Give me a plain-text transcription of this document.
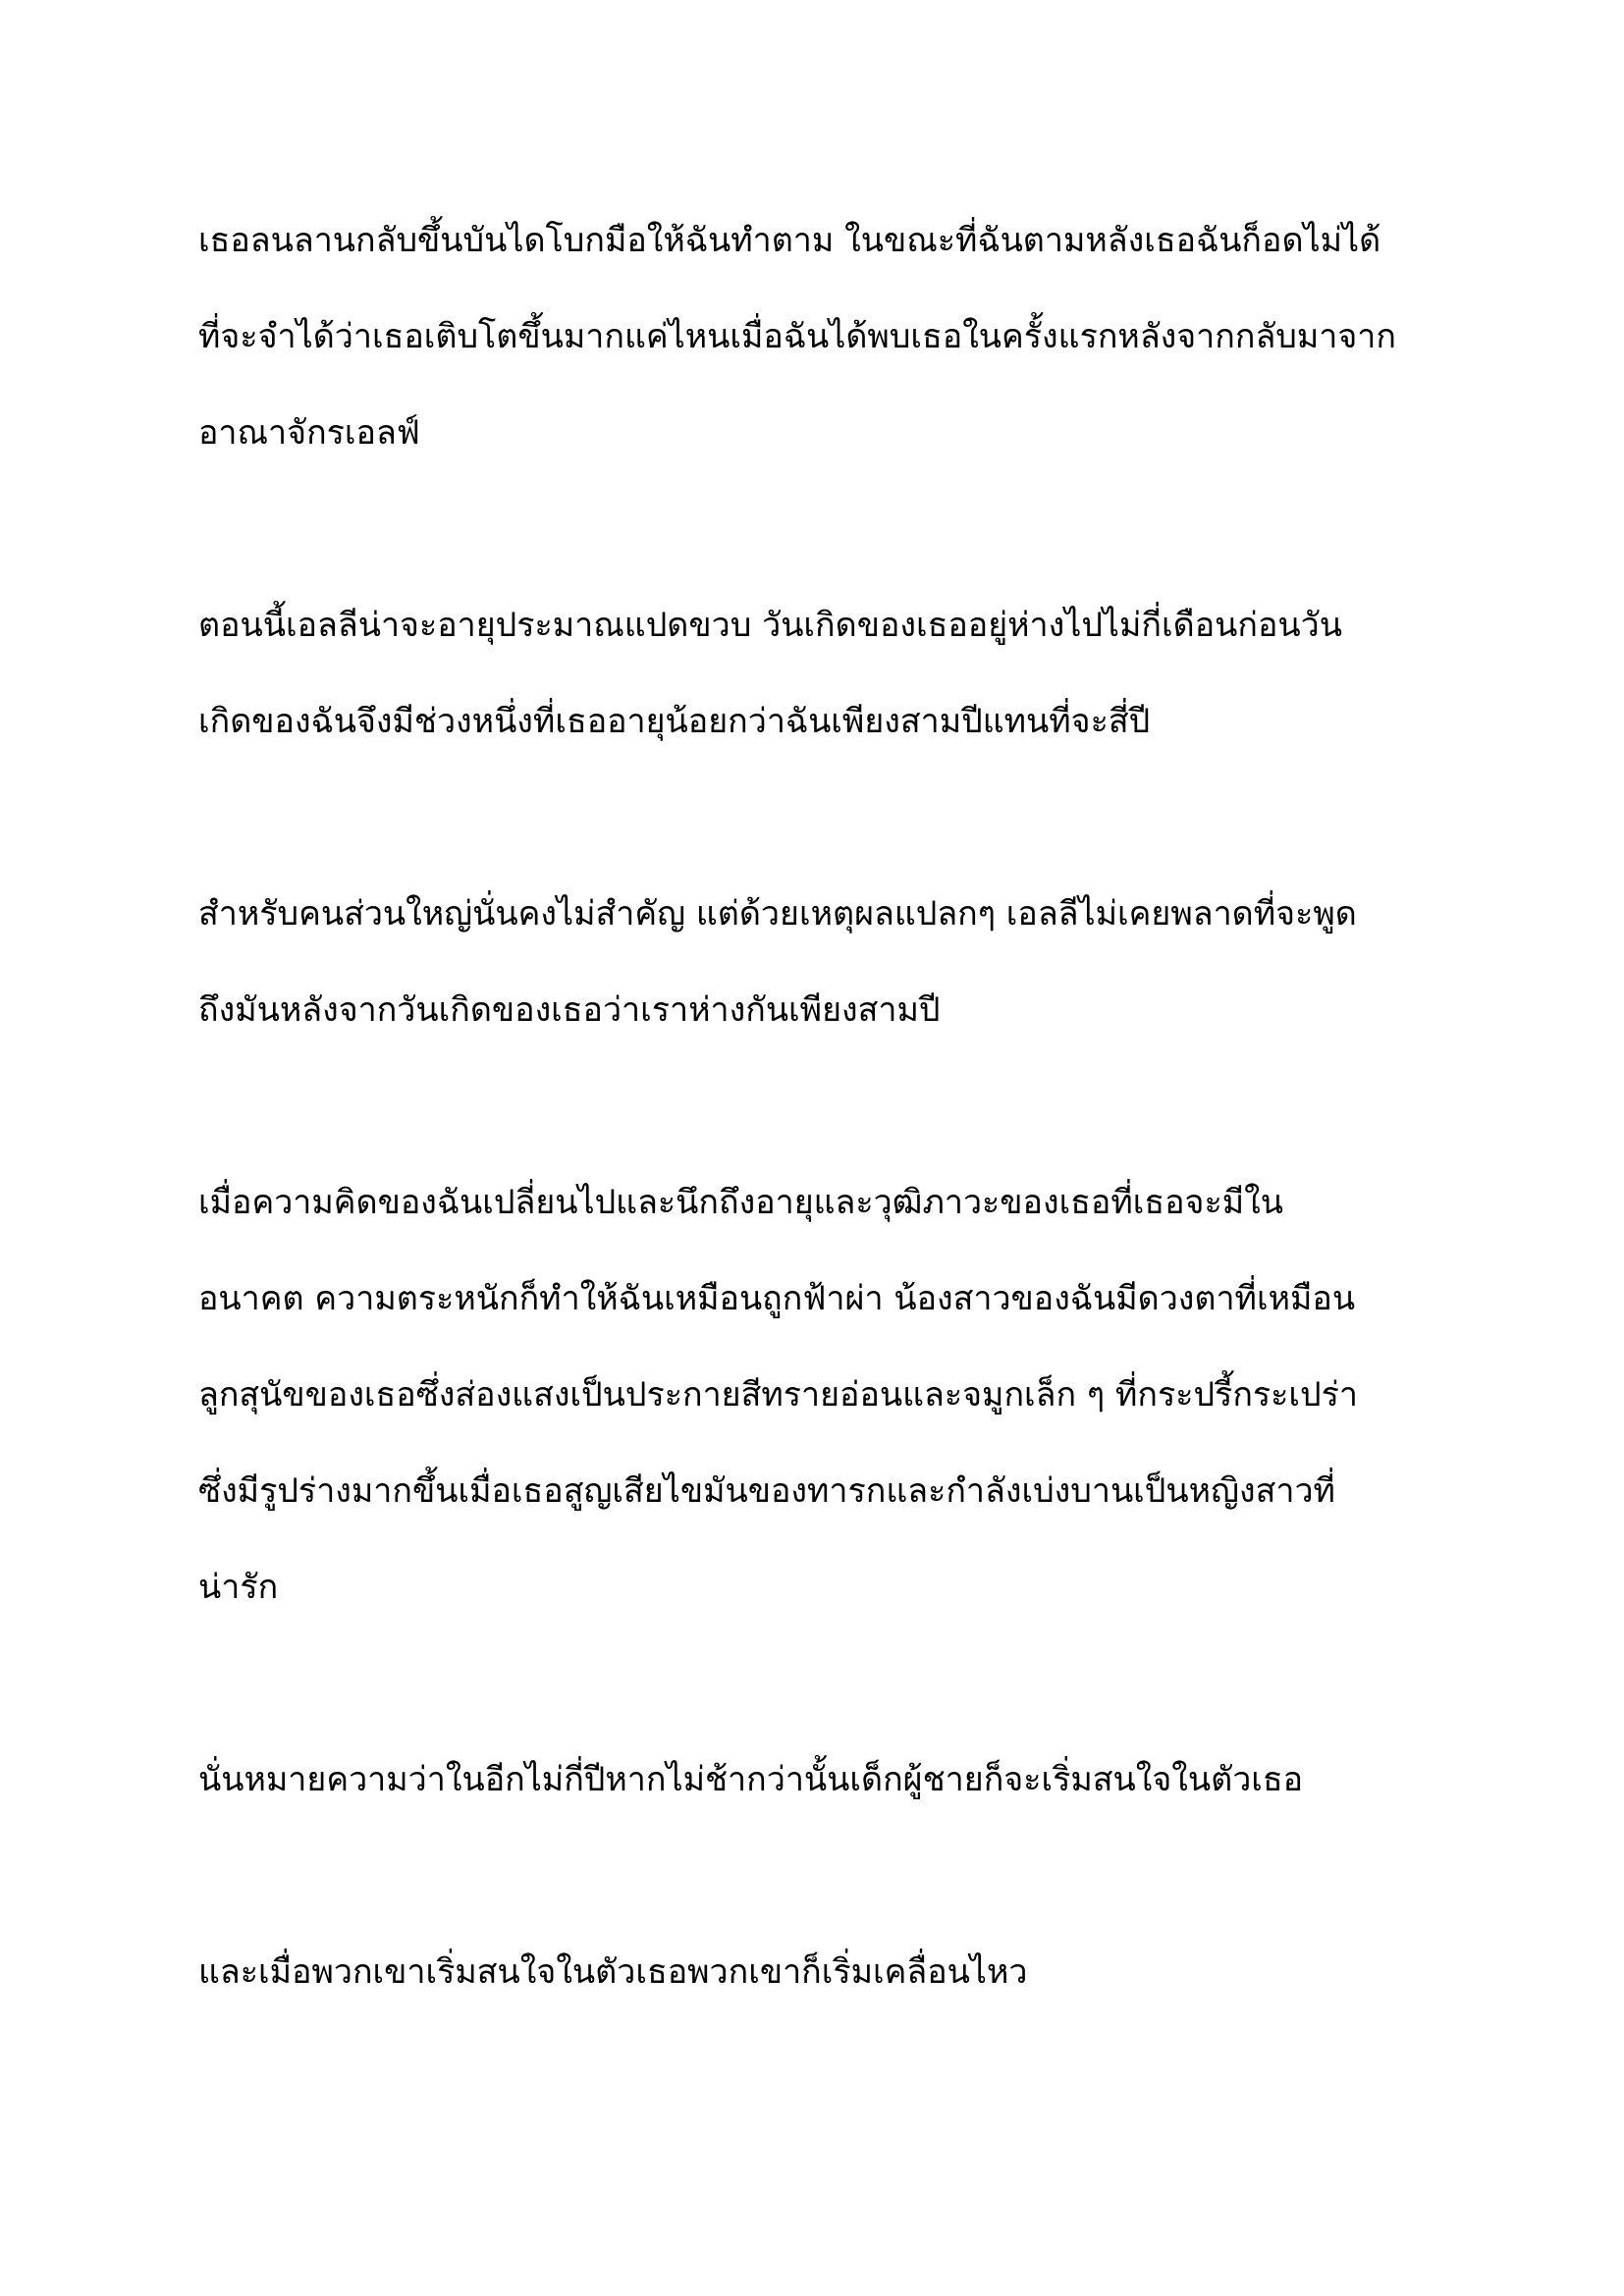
เธอลนลานกลับขึ้นบันไดโบกมือให้ฉันทำตาม ในขณะที่ฉันตามหลังเธอฉันก็อดไม่ได้
ที่จะจำได้ว่าเธอเติบโตขึ้นมากแค่ไหนเมื่อฉันได้พบเธอในครั้งแรกหลังจากกลับมาจาก
อาณาจักรเอลฟ์

ตอนนี้เอลลีน่าจะอายุประมาณแปดขวบ วันเกิดของเธออยู่ห่างไปไม่กี่เดือนก่อนวัน
เกิดของฉันจึงมีช่วงหนึ่งที่เธออายุน้อยกว่าฉันเพียงสามปีแทนที่จะสี่ปี

สำหรับคนส่วนใหญ่นั่นคงไม่สำคัญ แต่ด้วยเหตุผลแปลกๆ เอลลีไม่เคยพลาดที่จะพูด
ถึงมันหลังจากวันเกิดของเธอว่าเราห่างกันเพียงสามปี

เมื่อความคิดของฉันเปลี่ยนไปและนึกถึงอายุและวุฒิภาวะของเธอที่เธอจะมีใน
อนาคต ความตระหนักก็ทำให้ฉันเหมือนถูกฟ้าผ่า น้องสาวของฉันมีดวงตาที่เหมือน
ลูกสุนัขของเธอซึ่งส่องแสงเป็นประกายสีทรายอ่อนและจมูกเล็ก ๆ ที่กระปรี้กระเปร่า
ซึ่งมีรูปร่างมากขึ้นเมื่อเธอสูญเสียไขมันของทารกและกำลังเบ่งบานเป็นหญิงสาวที่
น่ารัก

นั่นหมายความว่าในอีกไม่กี่ปีหากไม่ช้ากว่านั้นเด็กผู้ชายก็จะเริ่มสนใจในตัวเธอ

และเมื่อพวกเขาเริ่มสนใจในตัวเธอพวกเขาก็เริ่มเคลื่อนไหว
